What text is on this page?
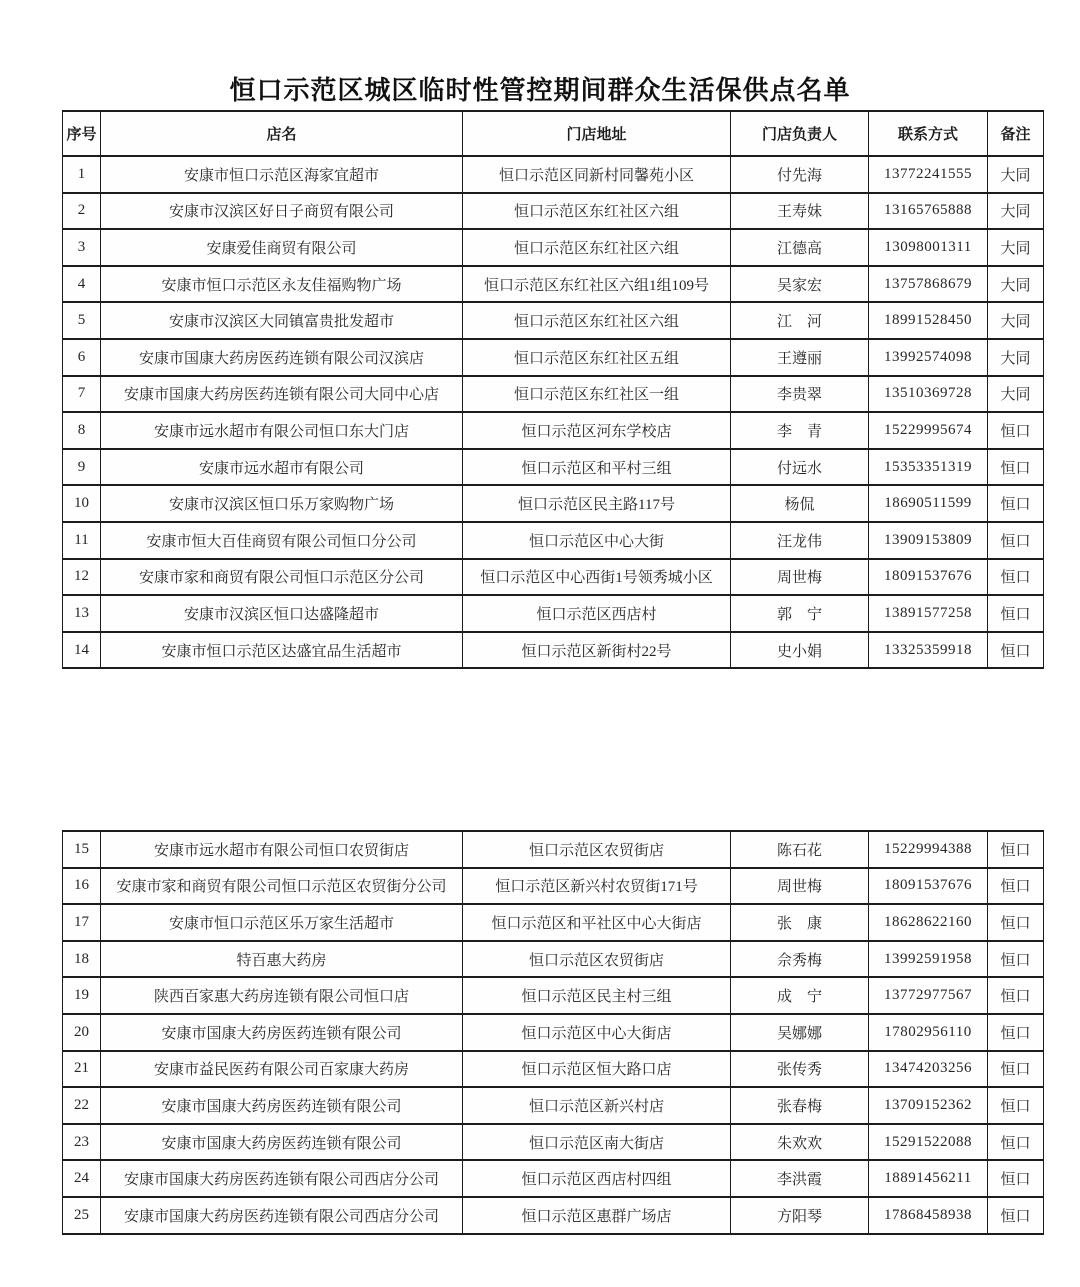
恒口示范区城区临时性管控期间群众生活保供点名单
序号	店名	门店地址	门店负责人	联系方式	备注
1	安康市恒口示范区海家宜超市	恒口示范区同新村同馨苑小区	付先海	13772241555	大同
2	安康市汉滨区好日子商贸有限公司	恒口示范区东红社区六组	王寿妹	13165765888	大同
3	安康爱佳商贸有限公司	恒口示范区东红社区六组	江德高	13098001311	大同
4	安康市恒口示范区永友佳福购物广场	恒口示范区东红社区六组1组109号	吴家宏	13757868679	大同
5	安康市汉滨区大同镇富贵批发超市	恒口示范区东红社区六组	江　河	18991528450	大同
6	安康市国康大药房医药连锁有限公司汉滨店	恒口示范区东红社区五组	王遵丽	13992574098	大同
7	安康市国康大药房医药连锁有限公司大同中心店	恒口示范区东红社区一组	李贵翠	13510369728	大同
8	安康市远水超市有限公司恒口东大门店	恒口示范区河东学校店	李　青	15229995674	恒口
9	安康市远水超市有限公司	恒口示范区和平村三组	付远水	15353351319	恒口
10	安康市汉滨区恒口乐万家购物广场	恒口示范区民主路117号	杨侃	18690511599	恒口
11	安康市恒大百佳商贸有限公司恒口分公司	恒口示范区中心大街	汪龙伟	13909153809	恒口
12	安康市家和商贸有限公司恒口示范区分公司	恒口示范区中心西街1号领秀城小区	周世梅	18091537676	恒口
13	安康市汉滨区恒口达盛隆超市	恒口示范区西店村	郭　宁	13891577258	恒口
14	安康市恒口示范区达盛宜品生活超市	恒口示范区新街村22号	史小娟	13325359918	恒口
15	安康市远水超市有限公司恒口农贸街店	恒口示范区农贸街店	陈石花	15229994388	恒口
16	安康市家和商贸有限公司恒口示范区农贸街分公司	恒口示范区新兴村农贸街171号	周世梅	18091537676	恒口
17	安康市恒口示范区乐万家生活超市	恒口示范区和平社区中心大街店	张　康	18628622160	恒口
18	特百惠大药房	恒口示范区农贸街店	佘秀梅	13992591958	恒口
19	陕西百家惠大药房连锁有限公司恒口店	恒口示范区民主村三组	成　宁	13772977567	恒口
20	安康市国康大药房医药连锁有限公司	恒口示范区中心大街店	吴娜娜	17802956110	恒口
21	安康市益民医药有限公司百家康大药房	恒口示范区恒大路口店	张传秀	13474203256	恒口
22	安康市国康大药房医药连锁有限公司	恒口示范区新兴村店	张春梅	13709152362	恒口
23	安康市国康大药房医药连锁有限公司	恒口示范区南大街店	朱欢欢	15291522088	恒口
24	安康市国康大药房医药连锁有限公司西店分公司	恒口示范区西店村四组	李洪霞	18891456211	恒口
25	安康市国康大药房医药连锁有限公司西店分公司	恒口示范区惠群广场店	方阳琴	17868458938	恒口
